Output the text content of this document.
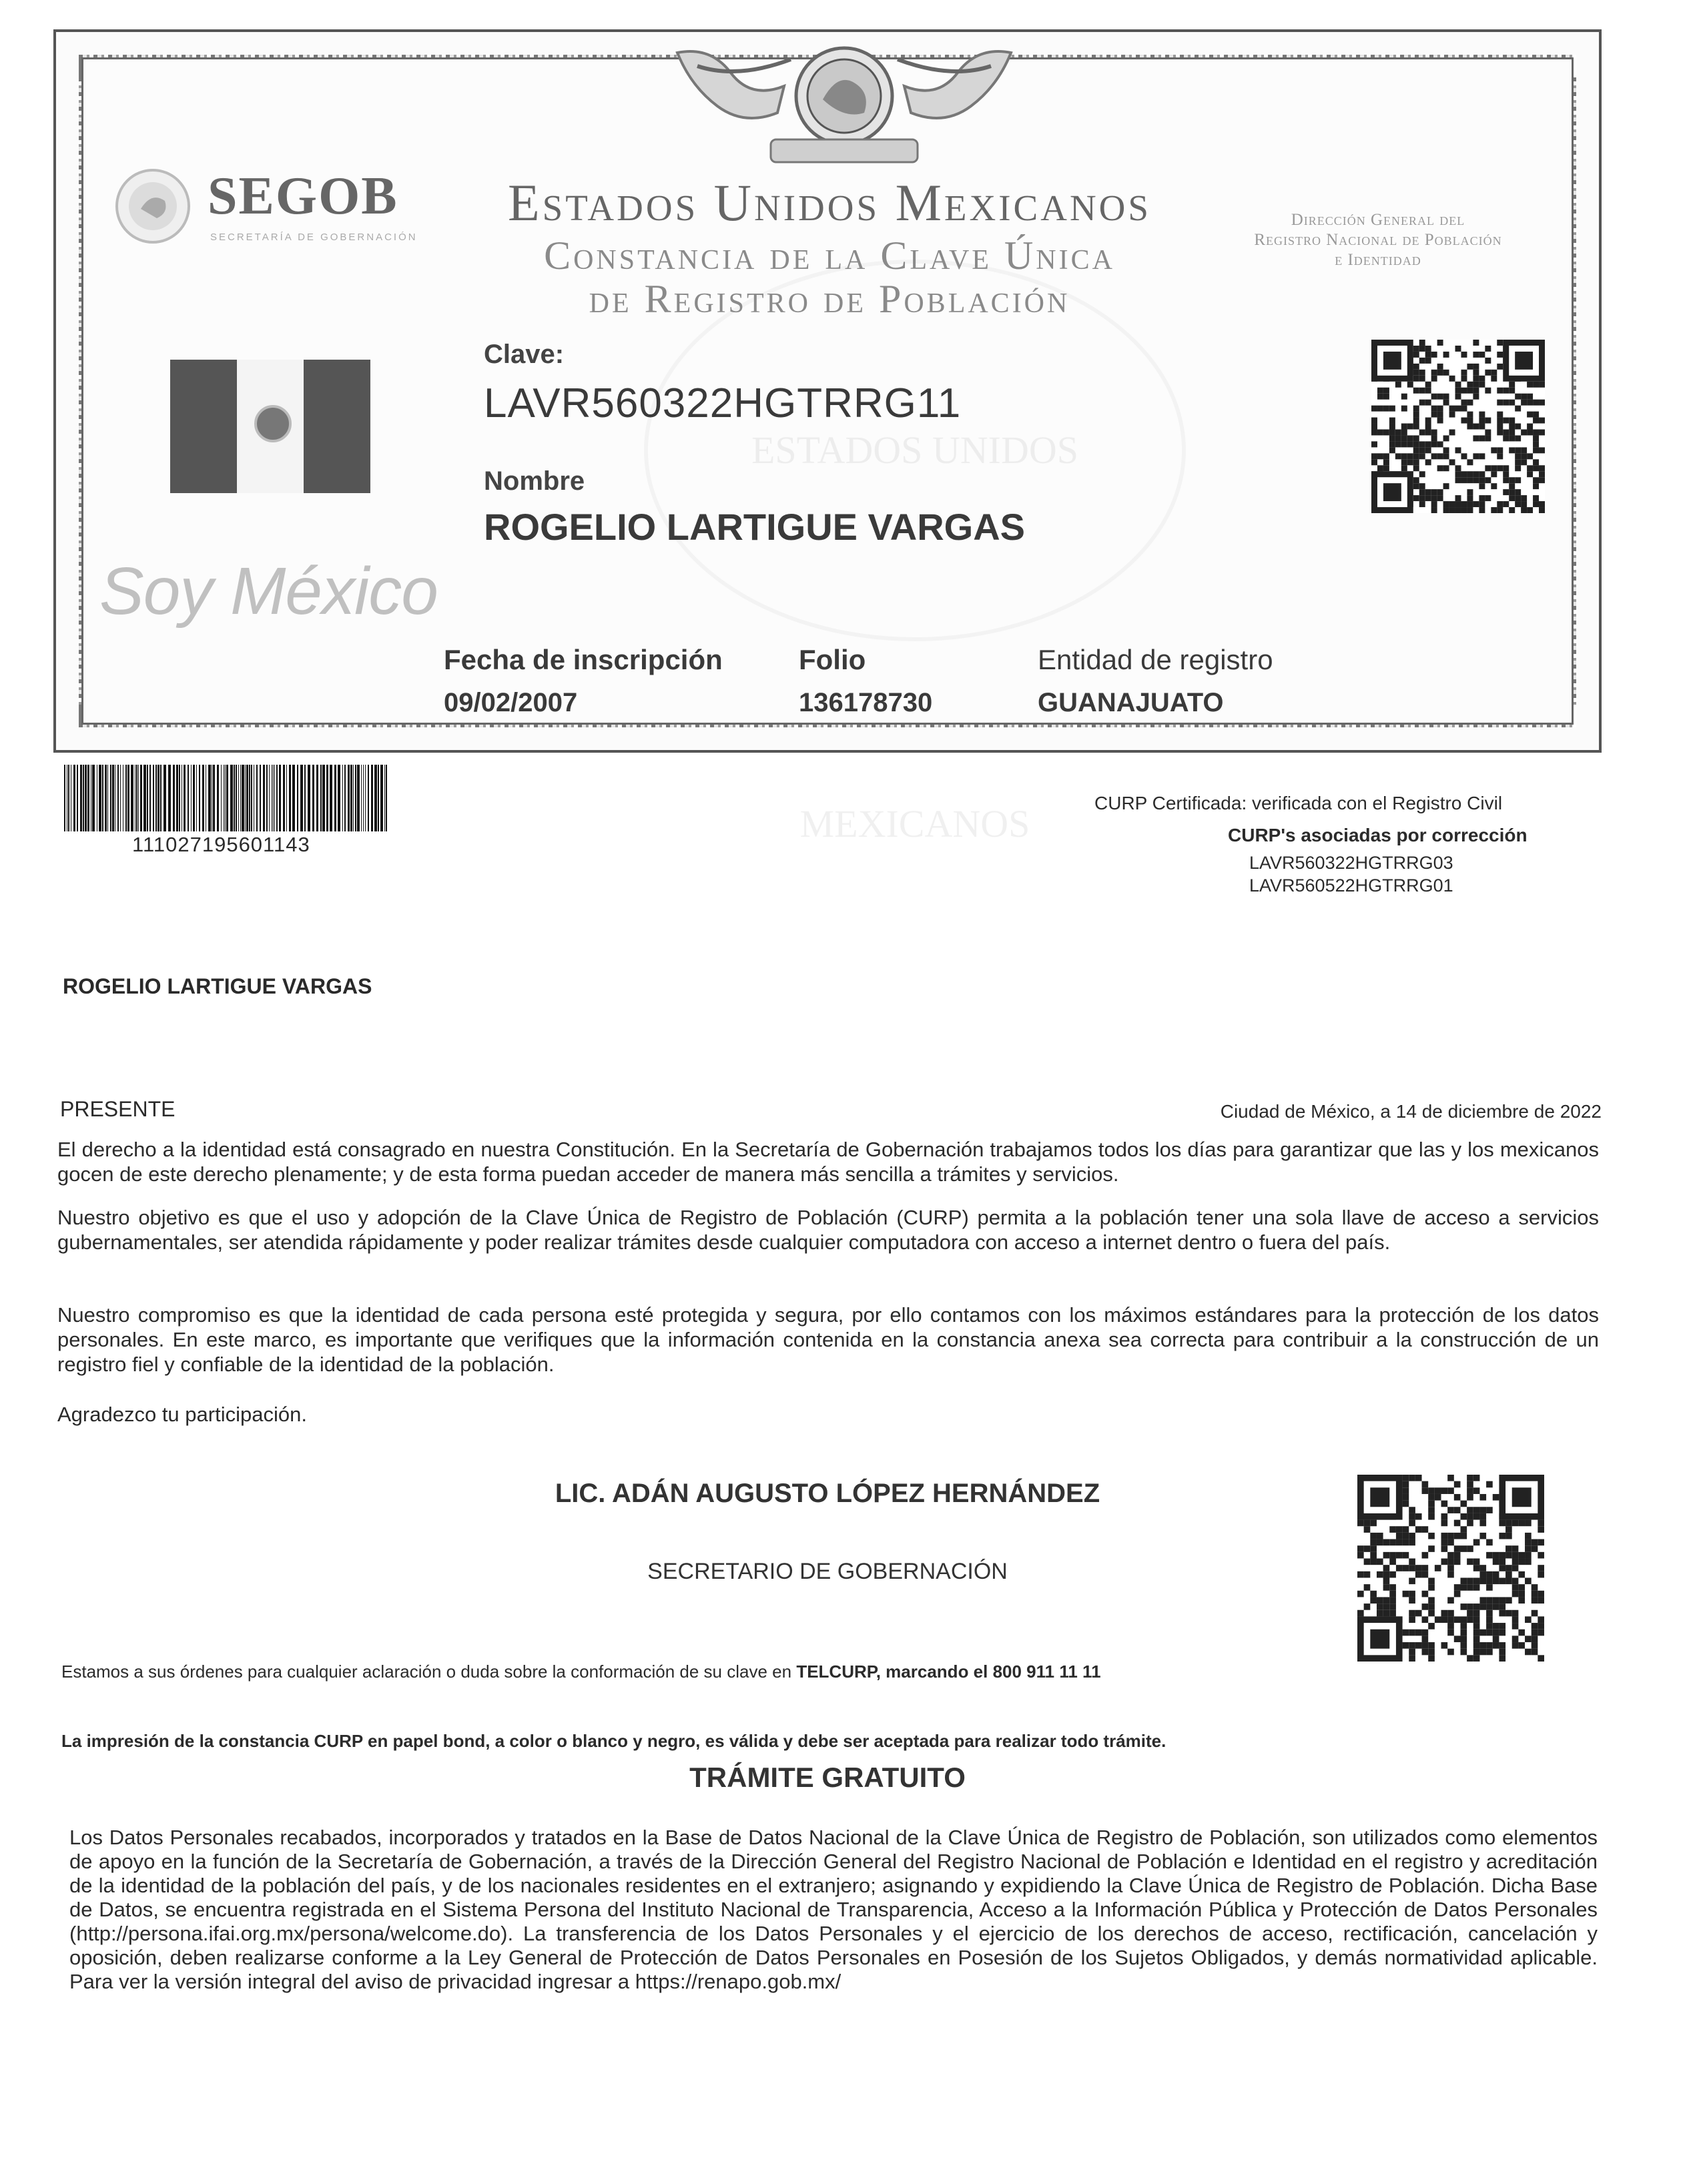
ESTADOS UNIDOS MEXICANOS
Estados Unidos Mexicanos
Constancia de la Clave Única
de Registro de Población
SEGOB
SECRETARÍA DE GOBERNACIÓN
Dirección General del
Registro Nacional de Población
e Identidad
Soy México
Clave:
LAVR560322HGTRRG11
Nombre
ROGELIO LARTIGUE VARGAS
Fecha de inscripción
09/02/2007
Folio
136178730
Entidad de registro
GUANAJUATO
111027195601143
CURP Certificada: verificada con el Registro Civil
CURP's asociadas por corrección
LAVR560322HGTRRG03
LAVR560522HGTRRG01
ROGELIO LARTIGUE VARGAS
PRESENTE	Ciudad de México, a 14 de diciembre de 2022
El derecho a la identidad está consagrado en nuestra Constitución. En la Secretaría de Gobernación trabajamos todos los días para garantizar que las y los mexicanos gocen de este derecho plenamente; y de esta forma puedan acceder de manera más sencilla a trámites y servicios.
Nuestro objetivo es que el uso y adopción de la Clave Única de Registro de Población (CURP) permita a la población tener una sola llave de acceso a servicios gubernamentales, ser atendida rápidamente y poder realizar trámites desde cualquier computadora con acceso a internet dentro o fuera del país.
Nuestro compromiso es que la identidad de cada persona esté protegida y segura, por ello contamos con los máximos estándares para la protección de los datos personales. En este marco, es importante que verifiques que la información contenida en la constancia anexa sea correcta para contribuir a la construcción de un registro fiel y confiable de la identidad de la población.
Agradezco tu participación.
LIC. ADÁN AUGUSTO LÓPEZ HERNÁNDEZ
SECRETARIO DE GOBERNACIÓN
Estamos a sus órdenes para cualquier aclaración o duda sobre la conformación de su clave en TELCURP, marcando el 800 911 11 11
La impresión de la constancia CURP en papel bond, a color o blanco y negro, es válida y debe ser aceptada para realizar todo trámite.
TRÁMITE GRATUITO
Los Datos Personales recabados, incorporados y tratados en la Base de Datos Nacional de la Clave Única de Registro de Población, son utilizados como elementos de apoyo en la función de la Secretaría de Gobernación, a través de la Dirección General del Registro Nacional de Población e Identidad en el registro y acreditación de la identidad de la población del país, y de los nacionales residentes en el extranjero; asignando y expidiendo la Clave Única de Registro de Población. Dicha Base de Datos, se encuentra registrada en el Sistema Persona del Instituto Nacional de Transparencia, Acceso a la Información Pública y Protección de Datos Personales (http://persona.ifai.org.mx/persona/welcome.do). La transferencia de los Datos Personales y el ejercicio de los derechos de acceso, rectificación, cancelación y oposición, deben realizarse conforme a la Ley General de Protección de Datos Personales en Posesión de los Sujetos Obligados, y demás normatividad aplicable. Para ver la versión integral del aviso de privacidad ingresar a https://renapo.gob.mx/
